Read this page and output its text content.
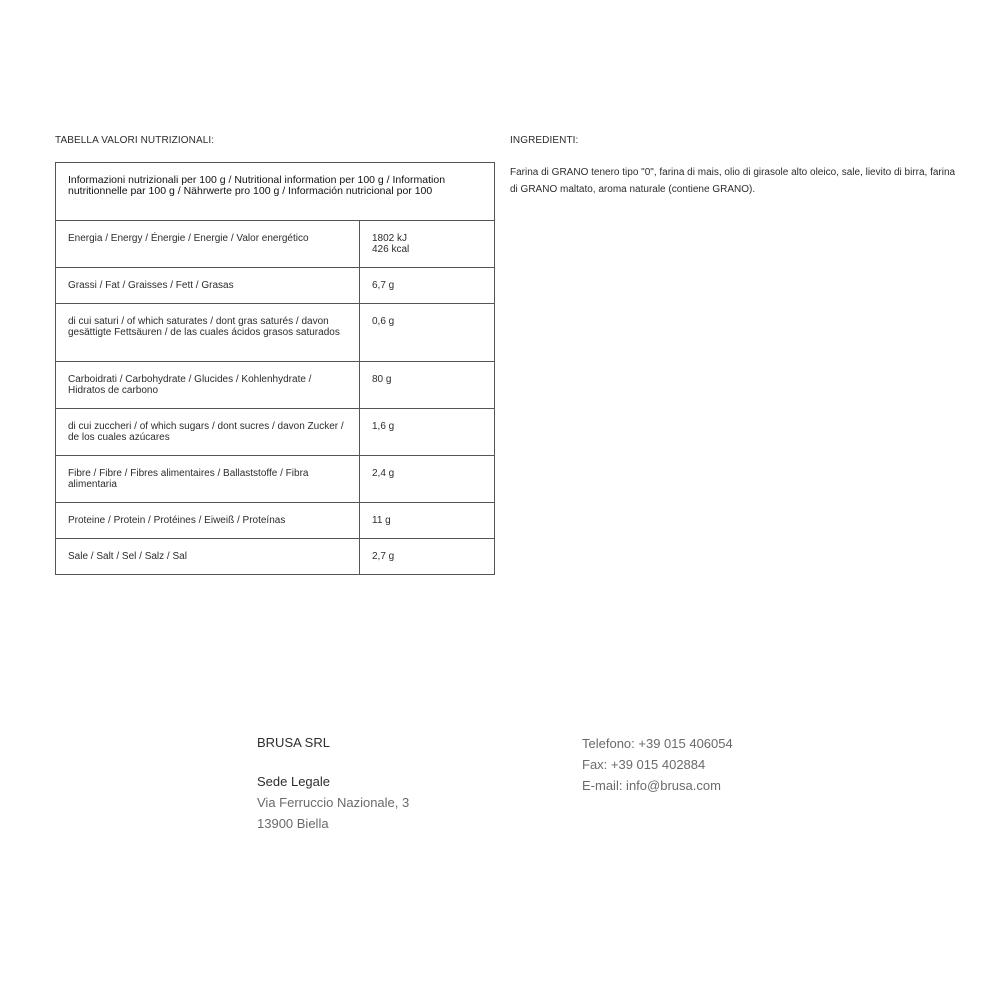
TABELLA VALORI NUTRIZIONALI:
Informazioni nutrizionali per 100 g / Nutritional information per 100 g / Information nutritionnelle par 100 g / Nährwerte pro 100 g / Información nutricional por 100	
Energia / Energy / Énergie / Energie / Valor energético	1802 kJ
426 kcal

Grassi / Fat / Graisses / Fett / Grasas	6,7 g
di cui saturi / of which saturates / dont gras saturés / davon gesättigte Fettsäuren / de las cuales ácidos grasos saturados	0,6 g
Carboidrati / Carbohydrate / Glucides / Kohlenhydrate / Hidratos de carbono	80 g
di cui zuccheri / of which sugars / dont sucres / davon Zucker / de los cuales azúcares	1,6 g
Fibre / Fibre / Fibres alimentaires / Ballaststoffe / Fibra alimentaria	2,4 g
Proteine / Protein / Protéines / Eiweiß / Proteínas	11 g
Sale / Salt / Sel / Salz / Sal	2,7 g
INGREDIENTI:
Farina di GRANO tenero tipo "0", farina di mais, olio di girasole alto oleico, sale, lievito di birra, farina di GRANO maltato, aroma naturale (contiene GRANO).
BRUSA SRL
Sede Legale
Via Ferruccio Nazionale, 3
13900 Biella
Telefono: +39 015 406054
Fax: +39 015 402884
E-mail: info@brusa.com
